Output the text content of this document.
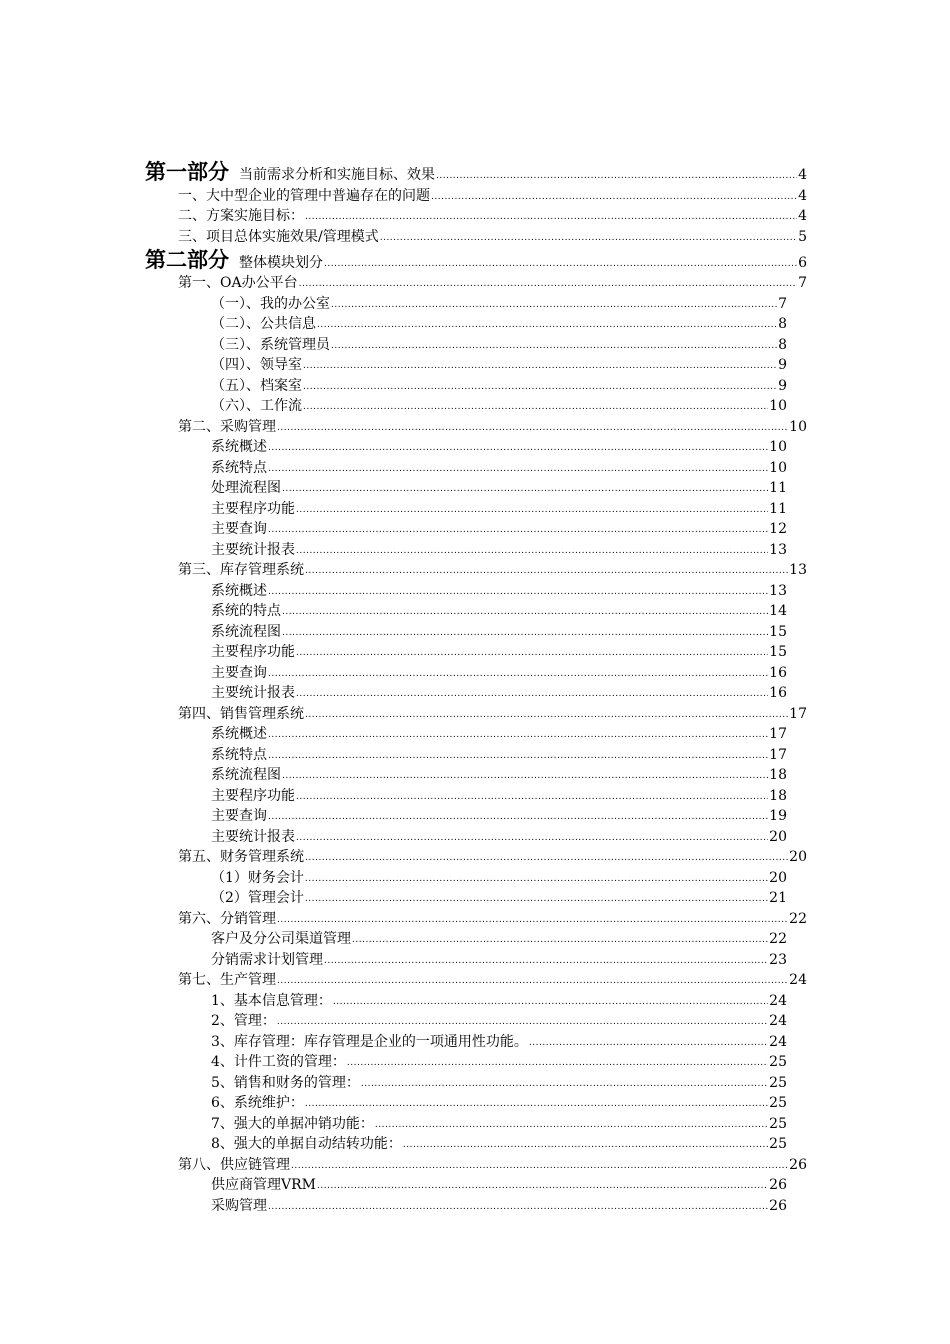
第一部分 当前需求分析和实施目标、效果 .....	4
一、大中型企业的管理中普遍存在的问题 .....	4
二、方案实施目标： .....	4
三、项目总体实施效果/管理模式 .....	5
第二部分 整体模块划分 .....	6
第一、OA办公平台 .....	7
（一）、我的办公室 .....	7
（二）、公共信息 .....	8
（三）、系统管理员 .....	8
（四）、领导室 .....	9
（五）、档案室 .....	9
（六）、工作流 .....	10
第二、采购管理 .....	10
系统概述 .....	10
系统特点 .....	10
处理流程图 .....	11
主要程序功能 .....	11
主要查询 .....	12
主要统计报表 .....	13
第三、库存管理系统 .....	13
系统概述 .....	13
系统的特点 .....	14
系统流程图 .....	15
主要程序功能 .....	15
主要查询 .....	16
主要统计报表 .....	16
第四、销售管理系统 .....	17
系统概述 .....	17
系统特点 .....	17
系统流程图 .....	18
主要程序功能 .....	18
主要查询 .....	19
主要统计报表 .....	20
第五、财务管理系统 .....	20
（1）财务会计 .....	20
（2）管理会计 .....	21
第六、分销管理 .....	22
客户及分公司渠道管理 .....	22
分销需求计划管理 .....	23
第七、生产管理 .....	24
1、基本信息管理： .....	24
2、管理： .....	24
3、库存管理：库存管理是企业的一项通用性功能。 .....	24
4、计件工资的管理： .....	25
5、销售和财务的管理： .....	25
6、系统维护： .....	25
7、强大的单据冲销功能： .....	25
8、强大的单据自动结转功能： .....	25
第八、供应链管理 .....	26
供应商管理VRM .....	26
采购管理 .....	26
